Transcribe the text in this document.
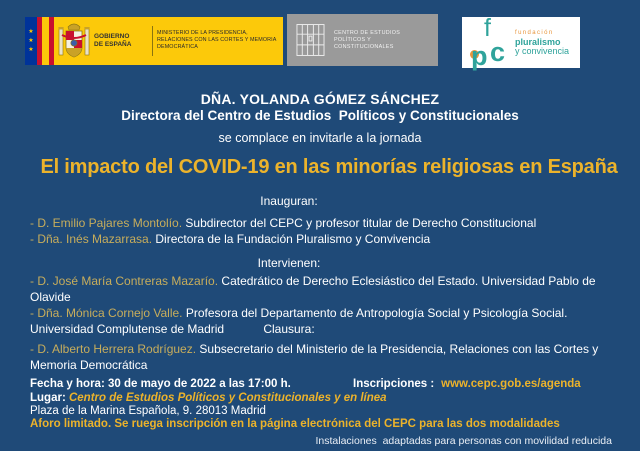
★
★
★
GOBIERNO
DE ESPAÑA
MINISTERIO DE LA PRESIDENCIA, RELACIONES CON LAS CORTES Y MEMORIA DEMOCRÁTICA
CENTRO DE ESTUDIOS
POLÍTICOS Y CONSTITUCIONALES	p
f
c
fundación
pluralismo
y convivencia
DÑA. YOLANDA GÓMEZ SÁNCHEZ
Directora del Centro de Estudios  Políticos y Constitucionales
se complace en invitarle a la jornada
El impacto del COVID-19 en las minorías religiosas en España
Inauguran:
- D. Emilio Pajares Montolío. Subdirector del CEPC y profesor titular de Derecho Constitucional
- Dña. Inés Mazarrasa. Directora de la Fundación Pluralismo y Convivencia
Intervienen:
- D. José María Contreras Mazarío. Catedrático de Derecho Eclesiástico del Estado. Universidad Pablo de Olavide
- Dña. Mónica Cornejo Valle. Profesora del Departamento de Antropología Social y Psicología Social. Universidad Complutense de Madrid	Clausura:
- D. Alberto Herrera Rodríguez. Subsecretario del Ministerio de la Presidencia, Relaciones con las Cortes y Memoria Democrática
Fecha y hora: 30 de mayo de 2022 a las 17:00 h.	Inscripciones : www.cepc.gob.es/agenda
Lugar: Centro de Estudios Políticos y Constitucionales y en línea
Plaza de la Marina Española, 9. 28013 Madrid
Aforo limitado. Se ruega inscripción en la página electrónica del CEPC para las dos modalidades
Instalaciones  adaptadas para personas con movilidad reducida
